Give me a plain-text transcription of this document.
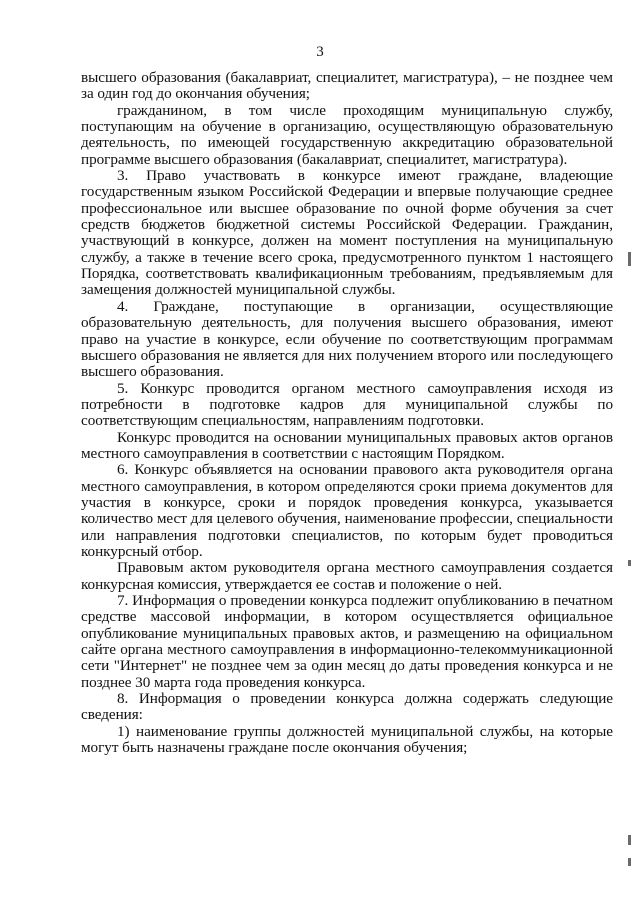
3

высшего образования (бакалавриат, специалитет, магистратура), – не позднее чем за один год до окончания обучения;

гражданином, в том числе проходящим муниципальную службу, поступающим на обучение в организацию, осуществляющую образовательную деятельность, по имеющей государственную аккредитацию образовательной программе высшего образования (бакалавриат, специалитет, магистратура).

3. Право участвовать в конкурсе имеют граждане, владеющие государственным языком Российской Федерации и впервые получающие среднее профессиональное или высшее образование по очной форме обучения за счет средств бюджетов бюджетной системы Российской Федерации. Гражданин, участвующий в конкурсе, должен на момент поступления на муниципальную службу, а также в течение всего срока, предусмотренного пунктом 1 настоящего Порядка, соответствовать квалификационным требованиям, предъявляемым для замещения должностей муниципальной службы.

4. Граждане, поступающие в организации, осуществляющие образовательную деятельность, для получения высшего образования, имеют право на участие в конкурсе, если обучение по соответствующим программам высшего образования не является для них получением второго или последующего высшего образования.

5. Конкурс проводится органом местного самоуправления исходя из потребности в подготовке кадров для муниципальной службы по соответствующим специальностям, направлениям подготовки.

Конкурс проводится на основании муниципальных правовых актов органов местного самоуправления в соответствии с настоящим Порядком.

6. Конкурс объявляется на основании правового акта руководителя органа местного самоуправления, в котором определяются сроки приема документов для участия в конкурсе, сроки и порядок проведения конкурса, указывается количество мест для целевого обучения, наименование профессии, специальности или направления подготовки специалистов, по которым будет проводиться конкурсный отбор.

Правовым актом руководителя органа местного самоуправления создается конкурсная комиссия, утверждается ее состав и положение о ней.

7. Информация о проведении конкурса подлежит опубликованию в печатном средстве массовой информации, в котором осуществляется официальное опубликование муниципальных правовых актов, и размещению на официальном сайте органа местного самоуправления в информационно-телекоммуникационной сети "Интернет" не позднее чем за один месяц до даты проведения конкурса и не позднее 30 марта года проведения конкурса.

8. Информация о проведении конкурса должна содержать следующие сведения:

1) наименование группы должностей муниципальной службы, на которые могут быть назначены граждане после окончания обучения;
